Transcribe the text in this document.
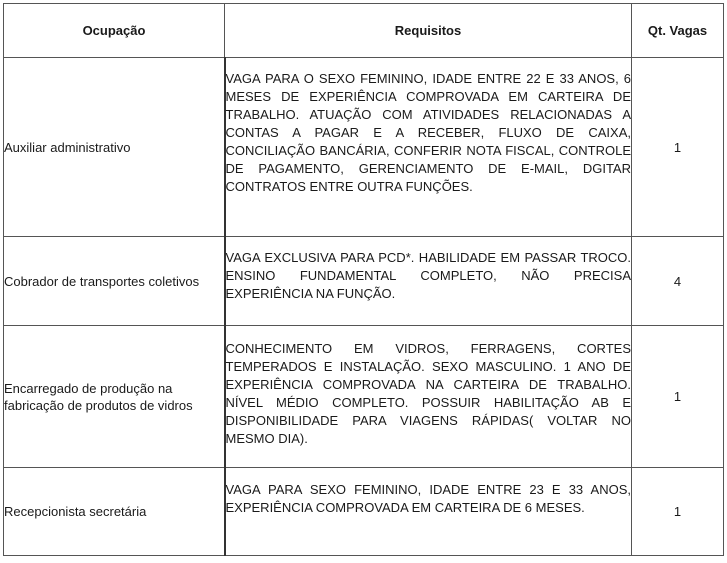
Ocupação	Requisitos	Qt. Vagas
Auxiliar administrativo	VAGA PARA O SEXO FEMININO, IDADE ENTRE 22 E 33 ANOS, 6 MESES DE EXPERIÊNCIA COMPROVADA EM CARTEIRA DE TRABALHO. ATUAÇÃO COM ATIVIDADES RELACIONADAS A CONTAS A PAGAR E A RECEBER, FLUXO DE CAIXA, CONCILIAÇÃO BANCÁRIA, CONFERIR NOTA FISCAL, CONTROLE DE PAGAMENTO, GERENCIAMENTO DE E-MAIL, DGITAR CONTRATOS ENTRE OUTRA FUNÇÕES.	1
Cobrador de transportes coletivos	VAGA EXCLUSIVA PARA PCD*. HABILIDADE EM PASSAR TROCO. ENSINO FUNDAMENTAL COMPLETO, NÃO PRECISA EXPERIÊNCIA NA FUNÇÃO.	4
Encarregado de produção na fabricação de produtos de vidros	CONHECIMENTO EM VIDROS, FERRAGENS, CORTES TEMPERADOS E INSTALAÇÃO. SEXO MASCULINO. 1 ANO DE EXPERIÊNCIA COMPROVADA NA CARTEIRA DE TRABALHO. NÍVEL MÉDIO COMPLETO. POSSUIR HABILITAÇÃO AB E DISPONIBILIDADE PARA VIAGENS RÁPIDAS( VOLTAR NO MESMO DIA).	1
Recepcionista secretária	VAGA PARA SEXO FEMININO, IDADE ENTRE 23 E 33 ANOS, EXPERIÊNCIA COMPROVADA EM CARTEIRA DE 6 MESES.	1
